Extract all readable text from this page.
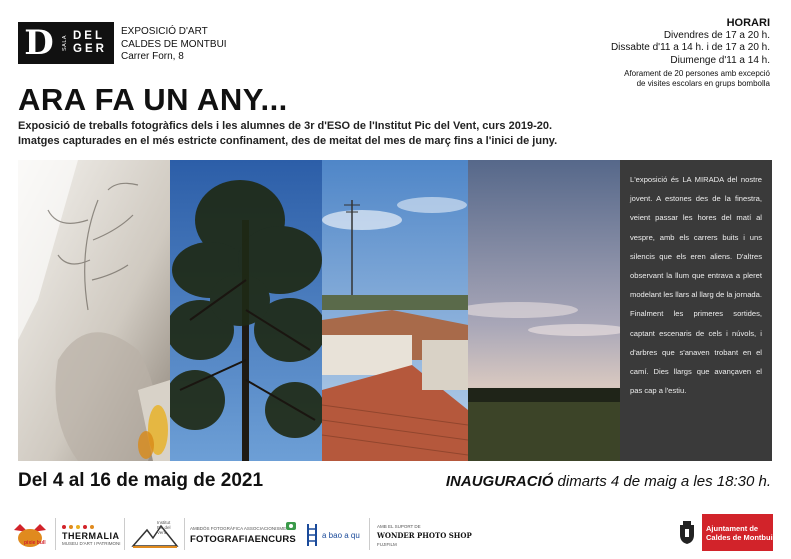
D	SALA DEL
GER
EXPOSICIÓ D'ART
CALDES DE MONTBUI
Carrer Forn, 8
HORARI
Divendres de 17 a 20 h.
Dissabte d'11 a 14 h. i de 17 a 20 h.
Diumenge d'11 a 14 h.
Aforament de 20 persones amb excepció
de visites escolars en grups bombolla
ARA FA UN ANY...
Exposició de treballs fotogràfics dels i les alumnes de 3r d'ESO de l'Institut Pic del Vent, curs 2019-20.
Imatges capturades en el més estricte confinament, des de meitat del mes de març fins a l'inici de juny.
L'exposició és LA MIRADA del nostre jovent. A estones des de la finestra, veient passar les hores del matí al vespre, amb els carrers buits i uns silencis que els eren aliens. D'altres observant la llum que entrava a pleret modelant les llars al llarg de la jornada. Finalment les primeres sortides, captant escenaris de cels i núvols, i d'arbres que s'anaven trobant en el camí. Dies llargs que avançaven el pas cap a l'estiu.
Del 4 al 16 de maig de 2021	INAUGURACIÓ dimarts 4 de maig a les 18:30 h.
pixie bull
THERMALIA
MUSEU D'ART I PATRIMONI
Institut
Pic del Vent
AMBDÓS FOTOGRÀFICA ASSOCIACIONISME
FOTOGRAFIAENCURS	a bao a qu
AMB EL SUPORT DE
WONDER PHOTO SHOP
FUJIFILM
Ajuntament de
Caldes de Montbui
